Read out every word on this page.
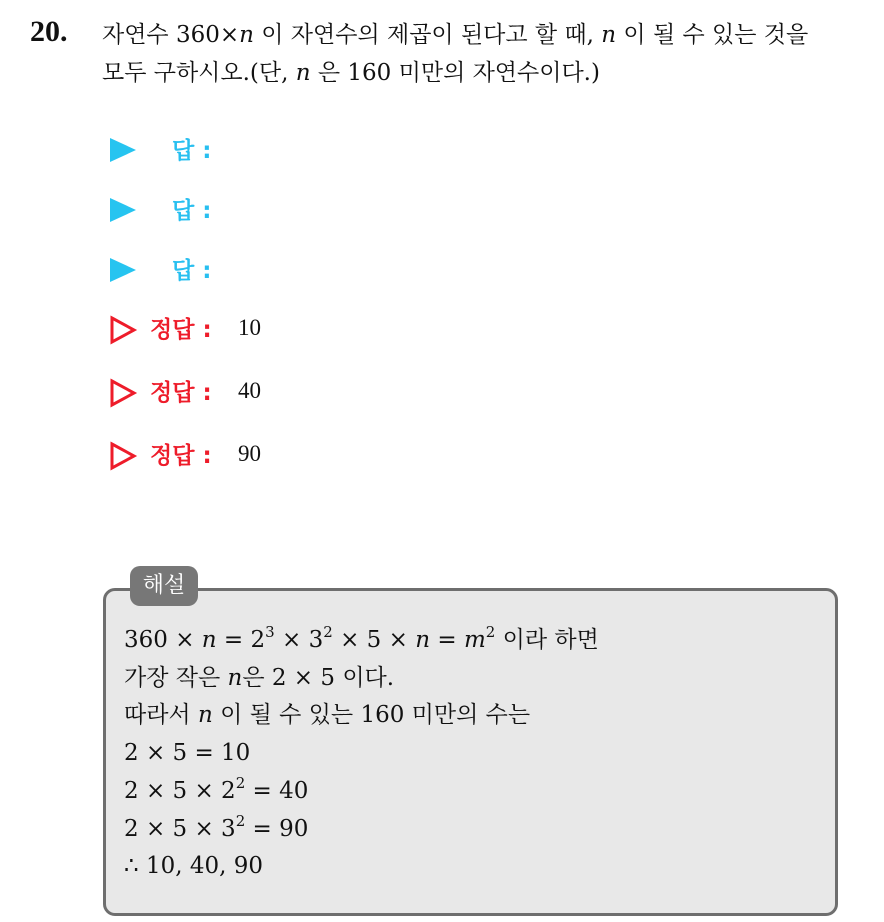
20. 자연수 360×n 이 자연수의 제곱이 된다고 할 때, n 이 될 수 있는 것을
모두 구하시오.(단, n 은 160 미만의 자연수이다.)
답 :
답 :
답 :
정답 : 10
정답 : 40
정답 : 90
해설
$360 \times n = 2^3 \times 3^2 \times 5 \times n = m^2$ 이라 하면
가장 작은 n은 2 × 5 이다.
따라서 n 이 될 수 있는 160 미만의 수는
2 × 5 = 10
$2 \times 5 \times 2^2 = 40$
$2 \times 5 \times 3^2 = 90$
∴ 10, 40, 90
